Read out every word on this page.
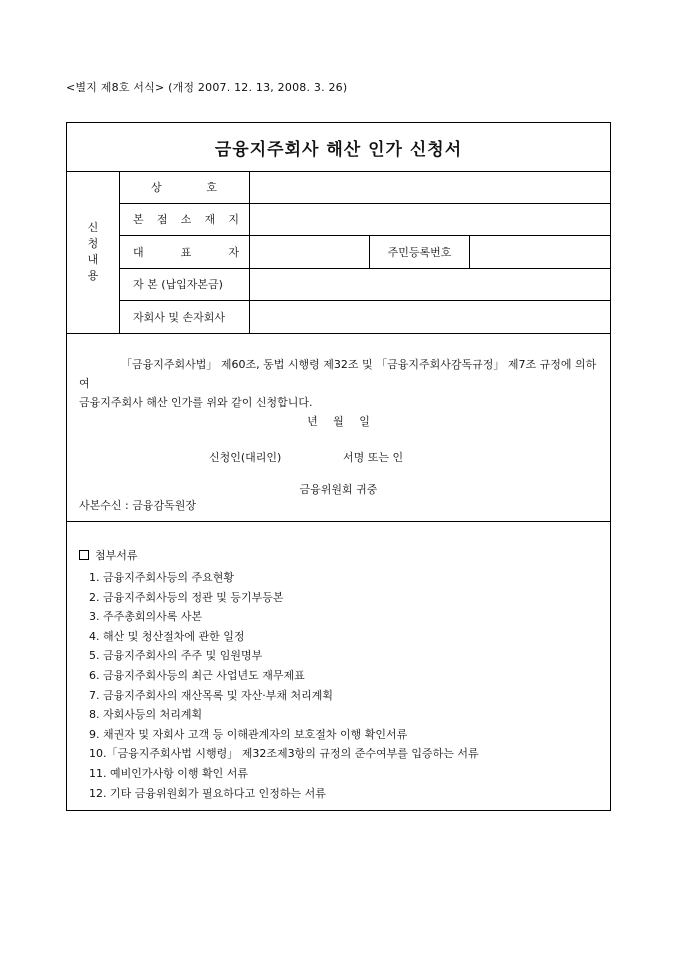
<별지 제8호 서식> (개정 2007. 12. 13, 2008. 3. 26)
금융지주회사 해산 인가 신청서
신
청
내
용
상 호
본 점 소 재 지
대 표 자	주민등록번호
자 본 (납입자본금)
자회사 및 손자회사
「금융지주회사법」 제60조, 동법 시행령 제32조 및 「금융지주회사감독규정」 제7조 규정에 의하여
금융지주회사 해산 인가를 위와 같이 신청합니다.
년 월 일
신청인(대리인)	서명 또는 인
금융위원회 귀중
사본수신 : 금융감독원장
첨부서류
1. 금융지주회사등의 주요현황
2. 금융지주회사등의 정관 및 등기부등본
3. 주주총회의사록 사본
4. 해산 및 청산절차에 관한 일정
5. 금융지주회사의 주주 및 임원명부
6. 금융지주회사등의 최근 사업년도 재무제표
7. 금융지주회사의 재산목록 및 자산·부채 처리계획
8. 자회사등의 처리계획
9. 채권자 및 자회사 고객 등 이해관계자의 보호절차 이행 확인서류
10.「금융지주회사법 시행령」 제32조제3항의 규정의 준수여부를 입증하는 서류
11. 예비인가사항 이행 확인 서류
12. 기타 금융위원회가 필요하다고 인정하는 서류
